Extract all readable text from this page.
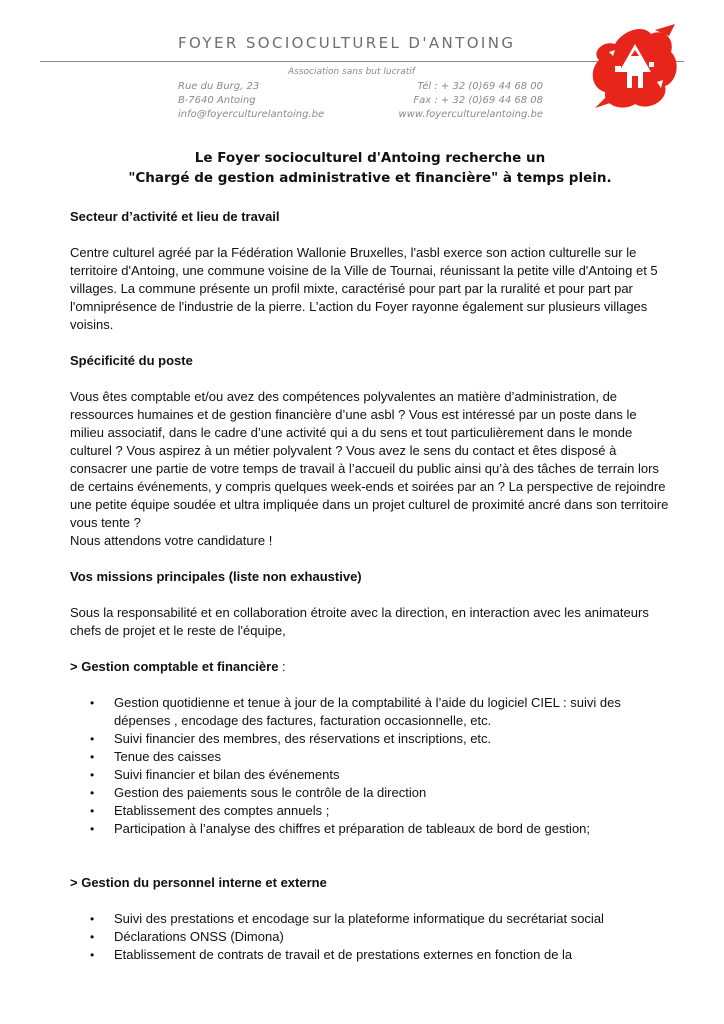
FOYER SOCIOCULTUREL D'ANTOING
Association sans but lucratif
Rue du Burg, 23
B-7640 Antoing
info@foyerculturelantoing.be
Tél : + 32 (0)69 44 68 00
Fax : + 32 (0)69 44 68 08
www.foyerculturelantoing.be
Le Foyer socioculturel d'Antoing recherche un
"Chargé de gestion administrative et financière" à temps plein.
Secteur d’activité et lieu de travail
Centre culturel agréé par la Fédération Wallonie Bruxelles, l'asbl exerce son action culturelle sur le territoire d'Antoing, une commune voisine de la Ville de Tournai, réunissant la petite ville d'Antoing et 5 villages. La commune présente un profil mixte, caractérisé pour part par la ruralité et pour part par l'omniprésence de l'industrie de la pierre. L’action du Foyer rayonne également sur plusieurs villages voisins.
Spécificité du poste
Vous êtes comptable et/ou avez des compétences polyvalentes an matière d’administration, de ressources humaines et de gestion financière d’une asbl ? Vous est intéressé par un poste dans le milieu associatif, dans le cadre d’une activité qui a du sens et tout particulièrement dans le monde culturel ? Vous aspirez à un métier polyvalent ? Vous avez le sens du contact et êtes disposé à consacrer une partie de votre temps de travail à l’accueil du public ainsi qu’à des tâches de terrain lors de certains événements, y compris quelques week-ends et soirées par an ? La perspective de rejoindre une petite équipe soudée et ultra impliquée dans un projet culturel de proximité ancré dans son territoire vous tente ?
Nous attendons votre candidature !
Vos missions principales (liste non exhaustive)
Sous la responsabilité et en collaboration étroite avec la direction, en interaction avec les animateurs chefs de projet et le reste de l'équipe,
> Gestion comptable et financière :
• Gestion quotidienne et tenue à jour de la comptabilité à l’aide du logiciel CIEL : suivi des dépenses , encodage des factures, facturation occasionnelle, etc.
• Suivi financier des membres, des réservations et inscriptions, etc.
• Tenue des caisses
• Suivi financier et bilan des événements
• Gestion des paiements sous le contrôle de la direction
• Etablissement des comptes annuels ;
• Participation à l’analyse des chiffres et préparation de tableaux de bord de gestion;
> Gestion du personnel interne et externe
• Suivi des prestations et encodage sur la plateforme informatique du secrétariat social
• Déclarations ONSS (Dimona)
• Etablissement de contrats de travail et de prestations externes en fonction de la
